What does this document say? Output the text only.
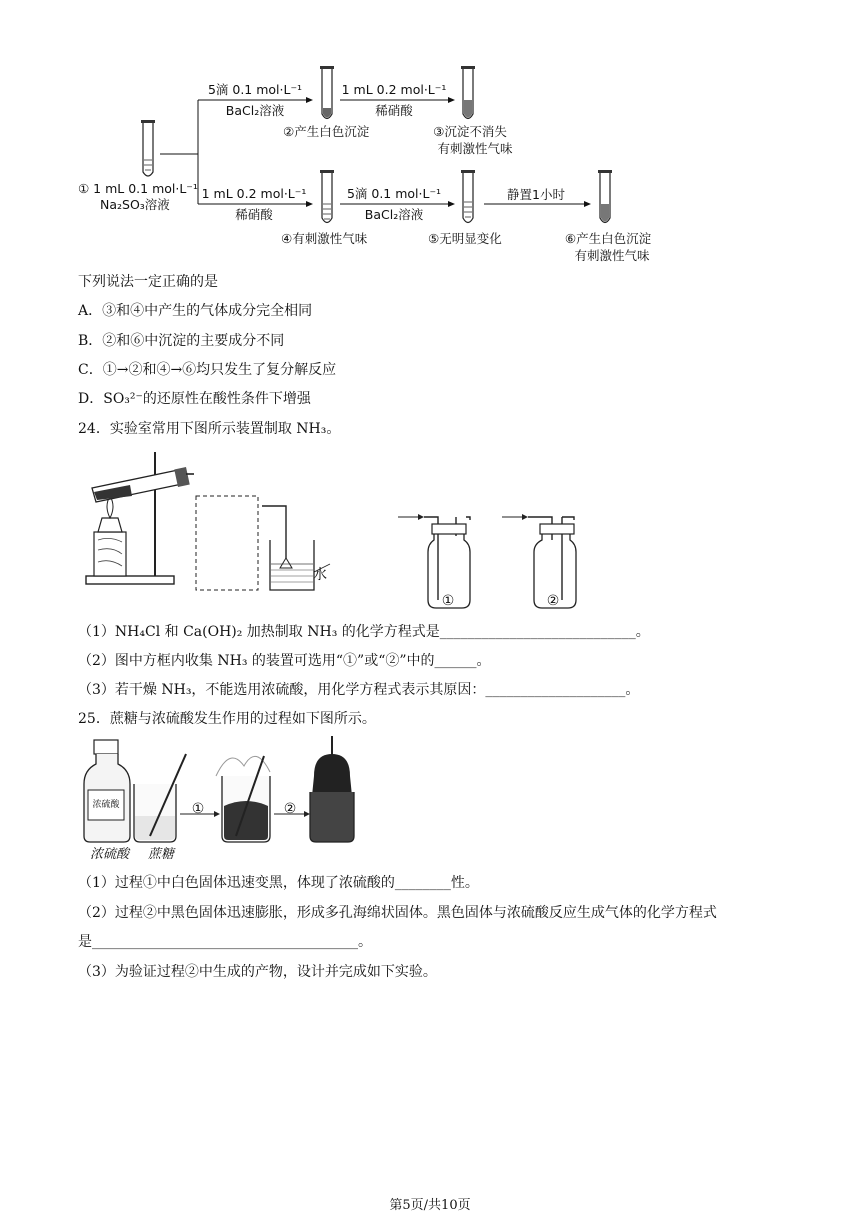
① 1 mL 0.1 mol·L⁻¹
Na₂SO₃溶液
5滴 0.1 mol·L⁻¹
BaCl₂溶液
②产生白色沉淀
1 mL 0.2 mol·L⁻¹
稀硝酸
③沉淀不消失
有刺激性气味
1 mL 0.2 mol·L⁻¹
稀硝酸
④有刺激性气味
5滴 0.1 mol·L⁻¹
BaCl₂溶液
⑤无明显变化
静置1小时
⑥产生白色沉淀
有刺激性气味
下列说法一定正确的是
A．③和④中产生的气体成分完全相同
B．②和⑥中沉淀的主要成分不同
C．①→②和④→⑥均只发生了复分解反应
D．SO₃²⁻的还原性在酸性条件下增强
24．实验室常用下图所示装置制取 NH₃。
水
①	②
（1）NH₄Cl 和 Ca(OH)₂ 加热制取 NH₃ 的化学方程式是____________________________。
（2）图中方框内收集 NH₃ 的装置可选用“①”或“②”中的______。
（3）若干燥 NH₃，不能选用浓硫酸，用化学方程式表示其原因：____________________。
25．蔗糖与浓硫酸发生作用的过程如下图所示。
浓硫酸	①	②
浓硫酸 蔗糖
（1）过程①中白色固体迅速变黑，体现了浓硫酸的________性。
（2）过程②中黑色固体迅速膨胀，形成多孔海绵状固体。黑色固体与浓硫酸反应生成气体的化学方程式
是______________________________________。
（3）为验证过程②中生成的产物，设计并完成如下实验。
第5页/共10页
